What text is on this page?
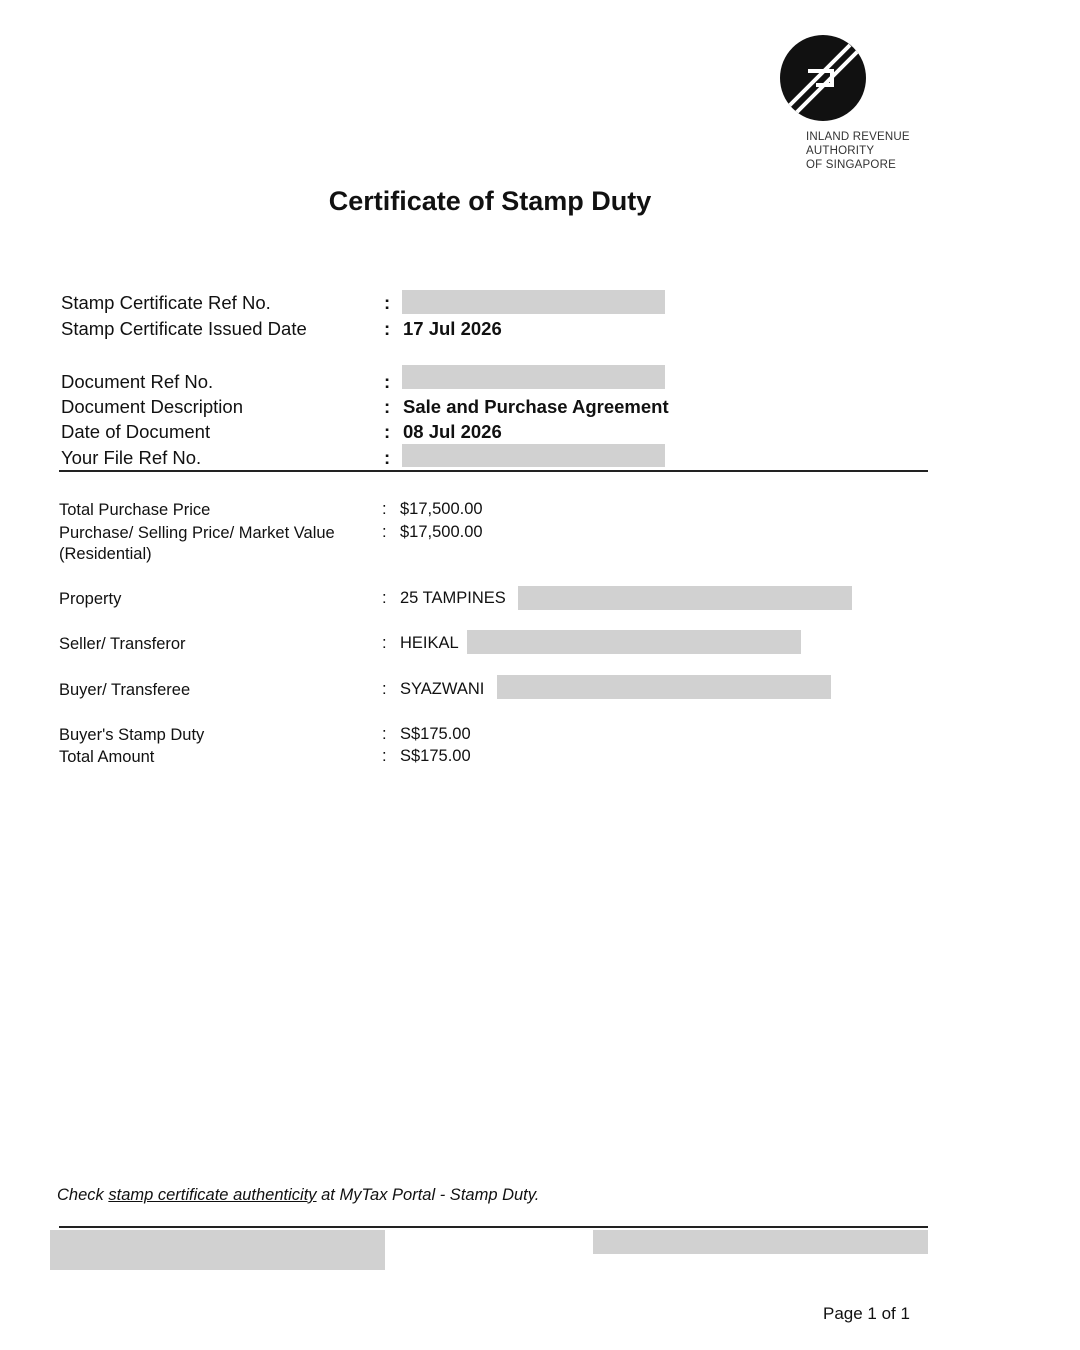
INLAND REVENUE
AUTHORITY
OF SINGAPORE
Certificate of Stamp Duty
Stamp Certificate Ref No.	:
Stamp Certificate Issued Date	: 17 Jul 2026
Document Ref No.	:
Document Description	: Sale and Purchase Agreement
Date of Document	: 08 Jul 2026
Your File Ref No.	:
Total Purchase Price	: $17,500.00
Purchase/ Selling Price/ Market Value
(Residential)
: $17,500.00
Property	: 25 TAMPINES
Seller/ Transferor	: HEIKAL
Buyer/ Transferee	: SYAZWANI
Buyer's Stamp Duty	: S$175.00
Total Amount	: S$175.00
Check stamp certificate authenticity at MyTax Portal - Stamp Duty.
Page 1 of 1
